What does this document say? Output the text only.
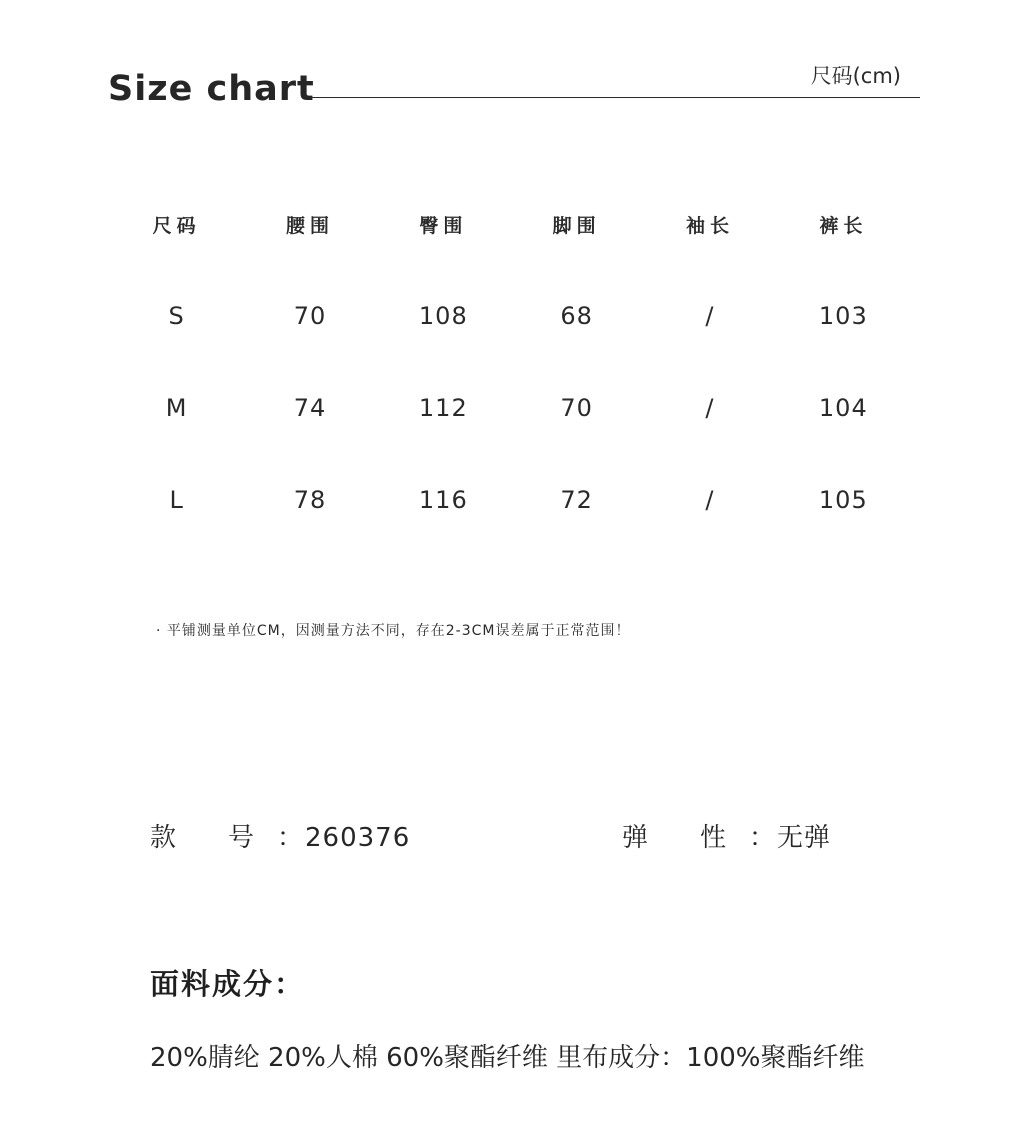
Size chart	尺码(cm)
尺码	腰围	臀围	脚围	袖长	裤长
S	70	108	68	/	103
M	74	112	70	/	104
L	78	116	72	/	105

· 平铺测量单位CM，因测量方法不同，存在2-3CM误差属于正常范围！

款 号 ：260376	弹 性 ：无弹
面料成分：

20%腈纶 20%人棉 60%聚酯纤维 里布成分：100%聚酯纤维
